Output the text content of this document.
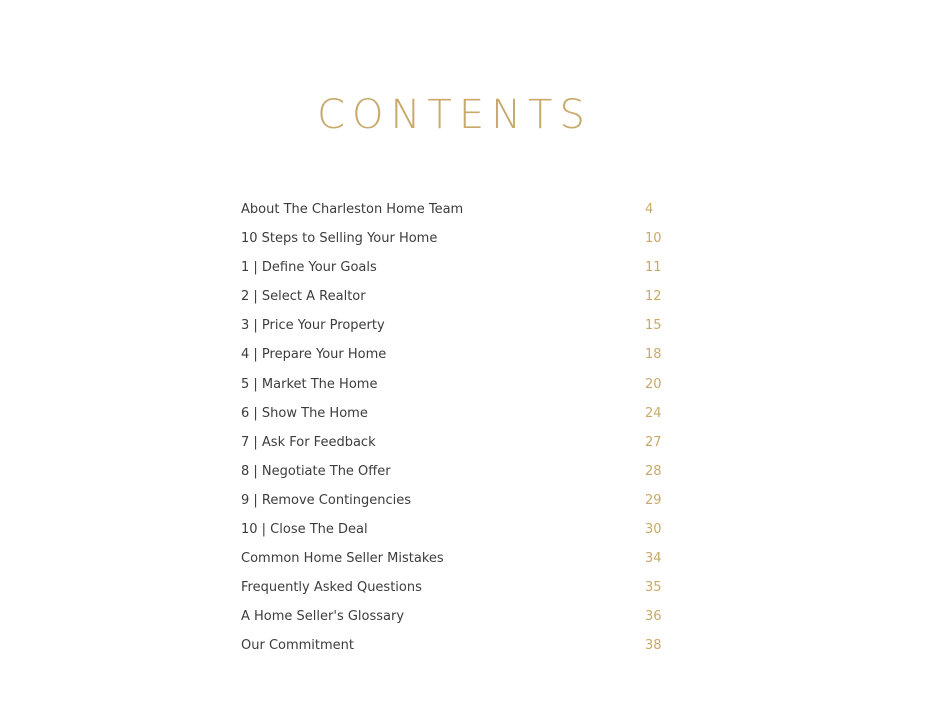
CONTENTS
About The Charleston Home Team	4
10 Steps to Selling Your Home	10
1 | Define Your Goals	11
2 | Select A Realtor	12
3 | Price Your Property	15
4 | Prepare Your Home	18
5 | Market The Home	20
6 | Show The Home	24
7 | Ask For Feedback	27
8 | Negotiate The Offer	28
9 | Remove Contingencies	29
10 | Close The Deal	30
Common Home Seller Mistakes	34
Frequently Asked Questions	35
A Home Seller's Glossary	36
Our Commitment	38
